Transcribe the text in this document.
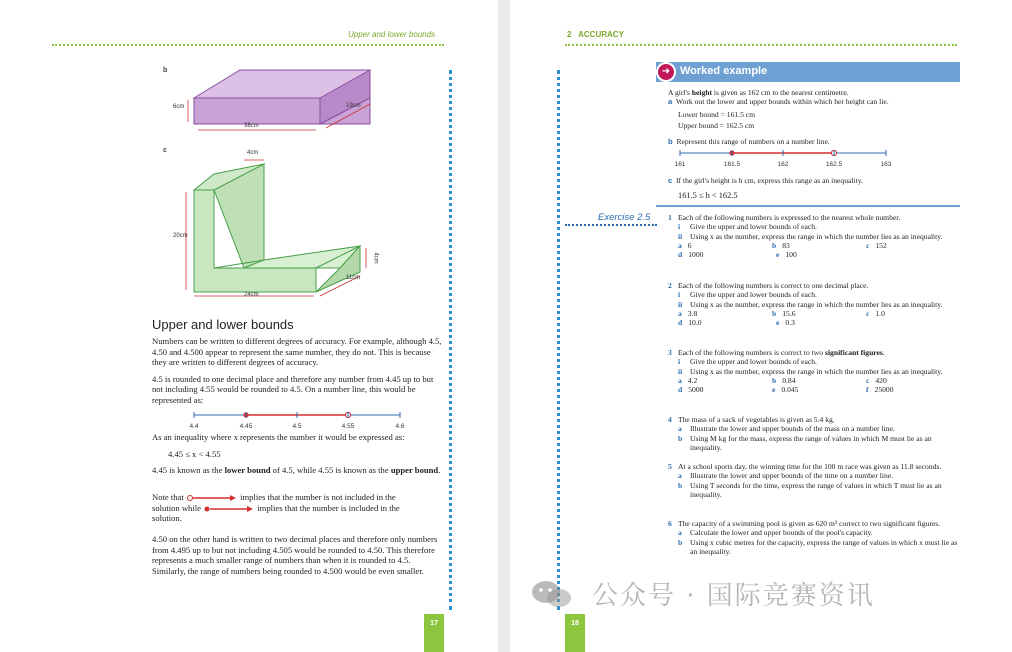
Upper and lower bounds
b
6cm
38cm
19cm
c	4cm
20cm
4cm
11cm
24cm
Upper and lower bounds

Numbers can be written to different degrees of accuracy. For example, although 4.5, 4.50 and 4.500 appear to represent the same number, they do not. This is because they are written to different degrees of accuracy.

4.5 is rounded to one decimal place and therefore any number from 4.45 up to but not including 4.55 would be rounded to 4.5. On a number line, this would be represented as:

4.4	4.45	4.5	4.55	4.6

As an inequality where x represents the number it would be expressed as:

4.45 ≤ x < 4.55

4.45 is known as the lower bound of 4.5, while 4.55 is known as the upper bound.

Note that	implies that the number is not included in the
solution while	implies that the number is included in the
solution.

4.50 on the other hand is written to two decimal places and therefore only numbers from 4.495 up to but not including 4.505 would be rounded to 4.50. This therefore represents a much smaller range of numbers than when it is rounded to 4.5. Similarly, the range of numbers being rounded to 4.500 would be even smaller.

17
2 ACCURACY
Worked example
➜
A girl's height is given as 162 cm to the nearest centimetre.
a Work out the lower and upper bounds within which her height can lie.
Lower bound = 161.5 cm
Upper bound = 162.5 cm
b Represent this range of numbers on a number line.
161	161.5	162	162.5	163
c If the girl's height is h cm, express this range as an inequality.
161.5 ≤ h < 162.5
Exercise 2.5 1 Each of the following numbers is expressed to the nearest whole number.
i Give the upper and lower bounds of each.
ii	Using x as the number, express the range in which the number lies as an inequality.
a 6	b 83	c 152
d 1000	e 100
2 Each of the following numbers is correct to one decimal place.
i Give the upper and lower bounds of each.
ii	Using x as the number, express the range in which the number lies as an inequality.
a 3.8	b 15.6	c 1.0
d 10.0	e 0.3
3 Each of the following numbers is correct to two significant figures.
i Give the upper and lower bounds of each.
ii	Using x as the number, express the range in which the number lies as an inequality.
a 4.2	b 0.84	c 420
d 5000	e 0.045	f 25000
4 The mass of a sack of vegetables is given as 5.4 kg.
a Illustrate the lower and upper bounds of the mass on a number line.
b	Using M kg for the mass, express the range of values in which M must lie as an inequality.
5 At a school sports day, the winning time for the 100 m race was given as 11.8 seconds.
a Illustrate the lower and upper bounds of the time on a number line.
b	Using T seconds for the time, express the range of values in which T must lie as an inequality.
6 The capacity of a swimming pool is given as 620 m³ correct to two significant figures.
a Calculate the lower and upper bounds of the pool's capacity.
b	Using x cubic metres for the capacity, express the range of values in which x must lie as an inequality.
18
公众号 · 国际竞赛资讯
